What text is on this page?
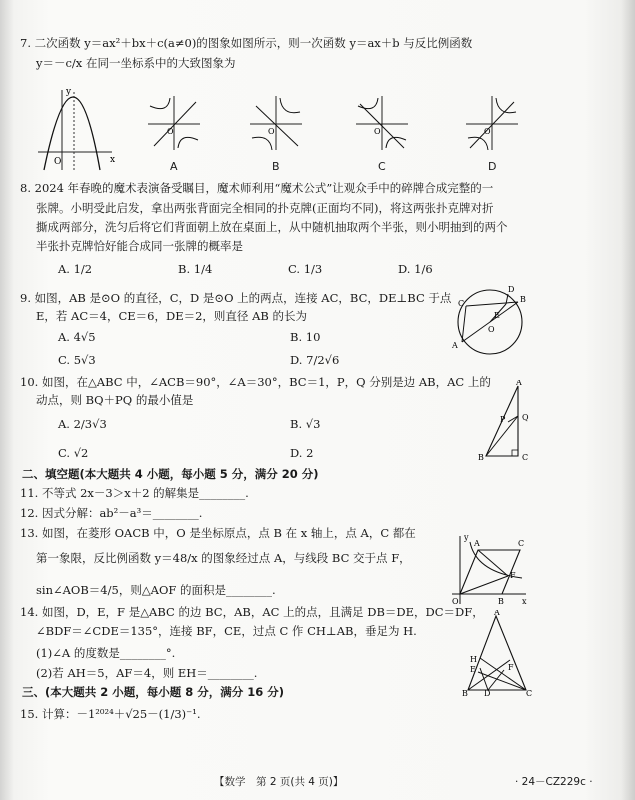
7. 二次函数 y＝ax²＋bx＋c(a≠0)的图象如图所示，则一次函数 y＝ax＋b 与反比例函数
y＝－c/x 在同一坐标系中的大致图象为
O
y
x
O	O	O	O
A	B	C	D
8. 2024 年春晚的魔术表演备受瞩目，魔术师利用“魔术公式”让观众手中的碎牌合成完整的一
张牌。小明受此启发，拿出两张背面完全相同的扑克牌(正面均不同)，将这两张扑克牌对折
撕成两部分，洗匀后将它们背面朝上放在桌面上，从中随机抽取两个半张，则小明抽到的两个
半张扑克牌恰好能合成同一张牌的概率是
A. 1/2	B. 1/4	C. 1/3	D. 1/6
9. 如图，AB 是⊙O 的直径，C，D 是⊙O 上的两点，连接 AC，BC，DE⊥BC 于点
E，若 AC＝4，CE＝6，DE＝2，则直径 AB 的长为
A. 4√5	B. 10
C. 5√3	D. 7/2√6
A
C
D
B
E
O
10. 如图，在△ABC 中，∠ACB＝90°，∠A＝30°，BC＝1，P，Q 分别是边 AB，AC 上的
动点，则 BQ＋PQ 的最小值是
A. 2/3√3	B. √3
C. √2	D. 2
A
Q
P
B	C
二、填空题(本大题共 4 小题，每小题 5 分，满分 20 分)
11. 不等式 2x－3＞x＋2 的解集是________.
12. 因式分解：ab²－a³＝________.
13. 如图，在菱形 OACB 中，O 是坐标原点，点 B 在 x 轴上，点 A，C 都在
第一象限，反比例函数 y＝48/x 的图象经过点 A，与线段 BC 交于点 F，
sin∠AOB＝4/5，则△AOF 的面积是________.
y
A	C
F
O	B x
14. 如图，D，E，F 是△ABC 的边 BC，AB，AC 上的点，且满足 DB＝DE，DC＝DF，
∠BDF＝∠CDE＝135°，连接 BF，CE，过点 C 作 CH⊥AB，垂足为 H.
(1)∠A 的度数是________°.
(2)若 AH＝5，AF＝4，则 EH＝________.
A
H
E	F
B D	C
三、(本大题共 2 小题，每小题 8 分，满分 16 分)
15. 计算：－1²⁰²⁴＋√25－(1/3)⁻¹.
【数学　第 2 页(共 4 页)】	· 24－CZ229c ·
